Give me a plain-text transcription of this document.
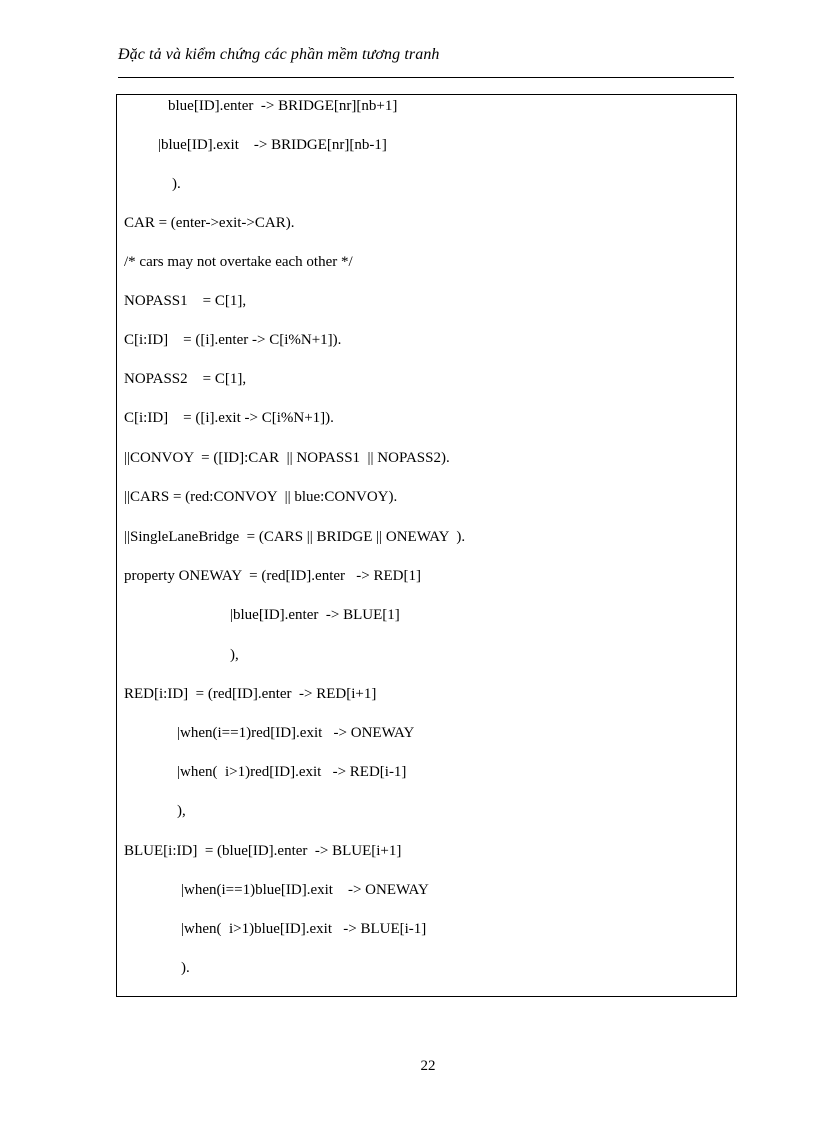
Đặc tả và kiểm chứng các phần mềm tương tranh
blue[ID].enter  -> BRIDGE[nr][nb+1]
|blue[ID].exit    -> BRIDGE[nr][nb-1]
).
CAR = (enter->exit->CAR).
/* cars may not overtake each other */
NOPASS1    = C[1],
C[i:ID]    = ([i].enter -> C[i%N+1]).
NOPASS2    = C[1],
C[i:ID]    = ([i].exit -> C[i%N+1]).
||CONVOY  = ([ID]:CAR  || NOPASS1  || NOPASS2).
||CARS = (red:CONVOY  || blue:CONVOY).
||SingleLaneBridge  = (CARS || BRIDGE || ONEWAY  ).
property ONEWAY  = (red[ID].enter   -> RED[1]
|blue[ID].enter  -> BLUE[1]
),
RED[i:ID]  = (red[ID].enter  -> RED[i+1]
|when(i==1)red[ID].exit   -> ONEWAY
|when(  i>1)red[ID].exit   -> RED[i-1]
),
BLUE[i:ID]  = (blue[ID].enter  -> BLUE[i+1]
|when(i==1)blue[ID].exit    -> ONEWAY
|when(  i>1)blue[ID].exit   -> BLUE[i-1]
).
22
